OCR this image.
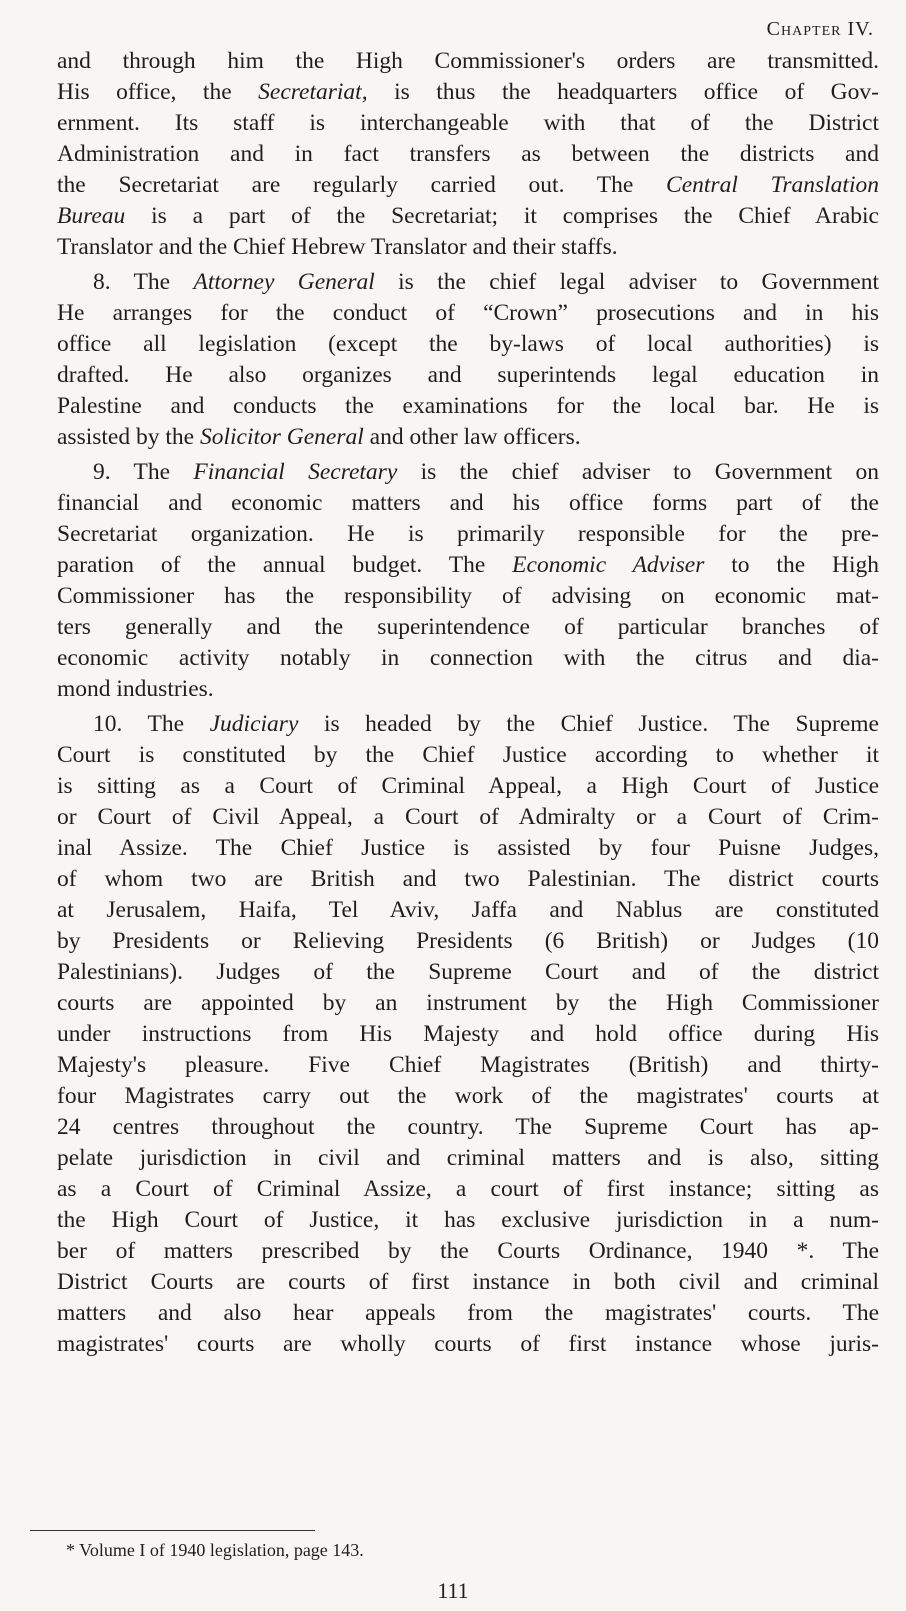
Chapter IV.
and through him the High Commissioner's orders are transmitted.
His office, the Secretariat, is thus the headquarters office of Gov-
ernment. Its staff is interchangeable with that of the District
Administration and in fact transfers as between the districts and
the Secretariat are regularly carried out. The Central Translation
Bureau is a part of the Secretariat; it comprises the Chief Arabic
Translator and the Chief Hebrew Translator and their staffs.
8. The Attorney General is the chief legal adviser to Government
He arranges for the conduct of “Crown” prosecutions and in his
office all legislation (except the by-laws of local authorities) is
drafted. He also organizes and superintends legal education in
Palestine and conducts the examinations for the local bar. He is
assisted by the Solicitor General and other law officers.
9. The Financial Secretary is the chief adviser to Government on
financial and economic matters and his office forms part of the
Secretariat organization. He is primarily responsible for the pre-
paration of the annual budget. The Economic Adviser to the High
Commissioner has the responsibility of advising on economic mat-
ters generally and the superintendence of particular branches of
economic activity notably in connection with the citrus and dia-
mond industries.
10. The Judiciary is headed by the Chief Justice. The Supreme
Court is constituted by the Chief Justice according to whether it
is sitting as a Court of Criminal Appeal, a High Court of Justice
or Court of Civil Appeal, a Court of Admiralty or a Court of Crim-
inal Assize. The Chief Justice is assisted by four Puisne Judges,
of whom two are British and two Palestinian. The district courts
at Jerusalem, Haifa, Tel Aviv, Jaffa and Nablus are constituted
by Presidents or Relieving Presidents (6 British) or Judges (10
Palestinians). Judges of the Supreme Court and of the district
courts are appointed by an instrument by the High Commissioner
under instructions from His Majesty and hold office during His
Majesty's pleasure. Five Chief Magistrates (British) and thirty-
four Magistrates carry out the work of the magistrates' courts at
24 centres throughout the country. The Supreme Court has ap-
pelate jurisdiction in civil and criminal matters and is also, sitting
as a Court of Criminal Assize, a court of first instance; sitting as
the High Court of Justice, it has exclusive jurisdiction in a num-
ber of matters prescribed by the Courts Ordinance, 1940 *. The
District Courts are courts of first instance in both civil and criminal
matters and also hear appeals from the magistrates' courts. The
magistrates' courts are wholly courts of first instance whose juris-
* Volume I of 1940 legislation, page 143.
111
